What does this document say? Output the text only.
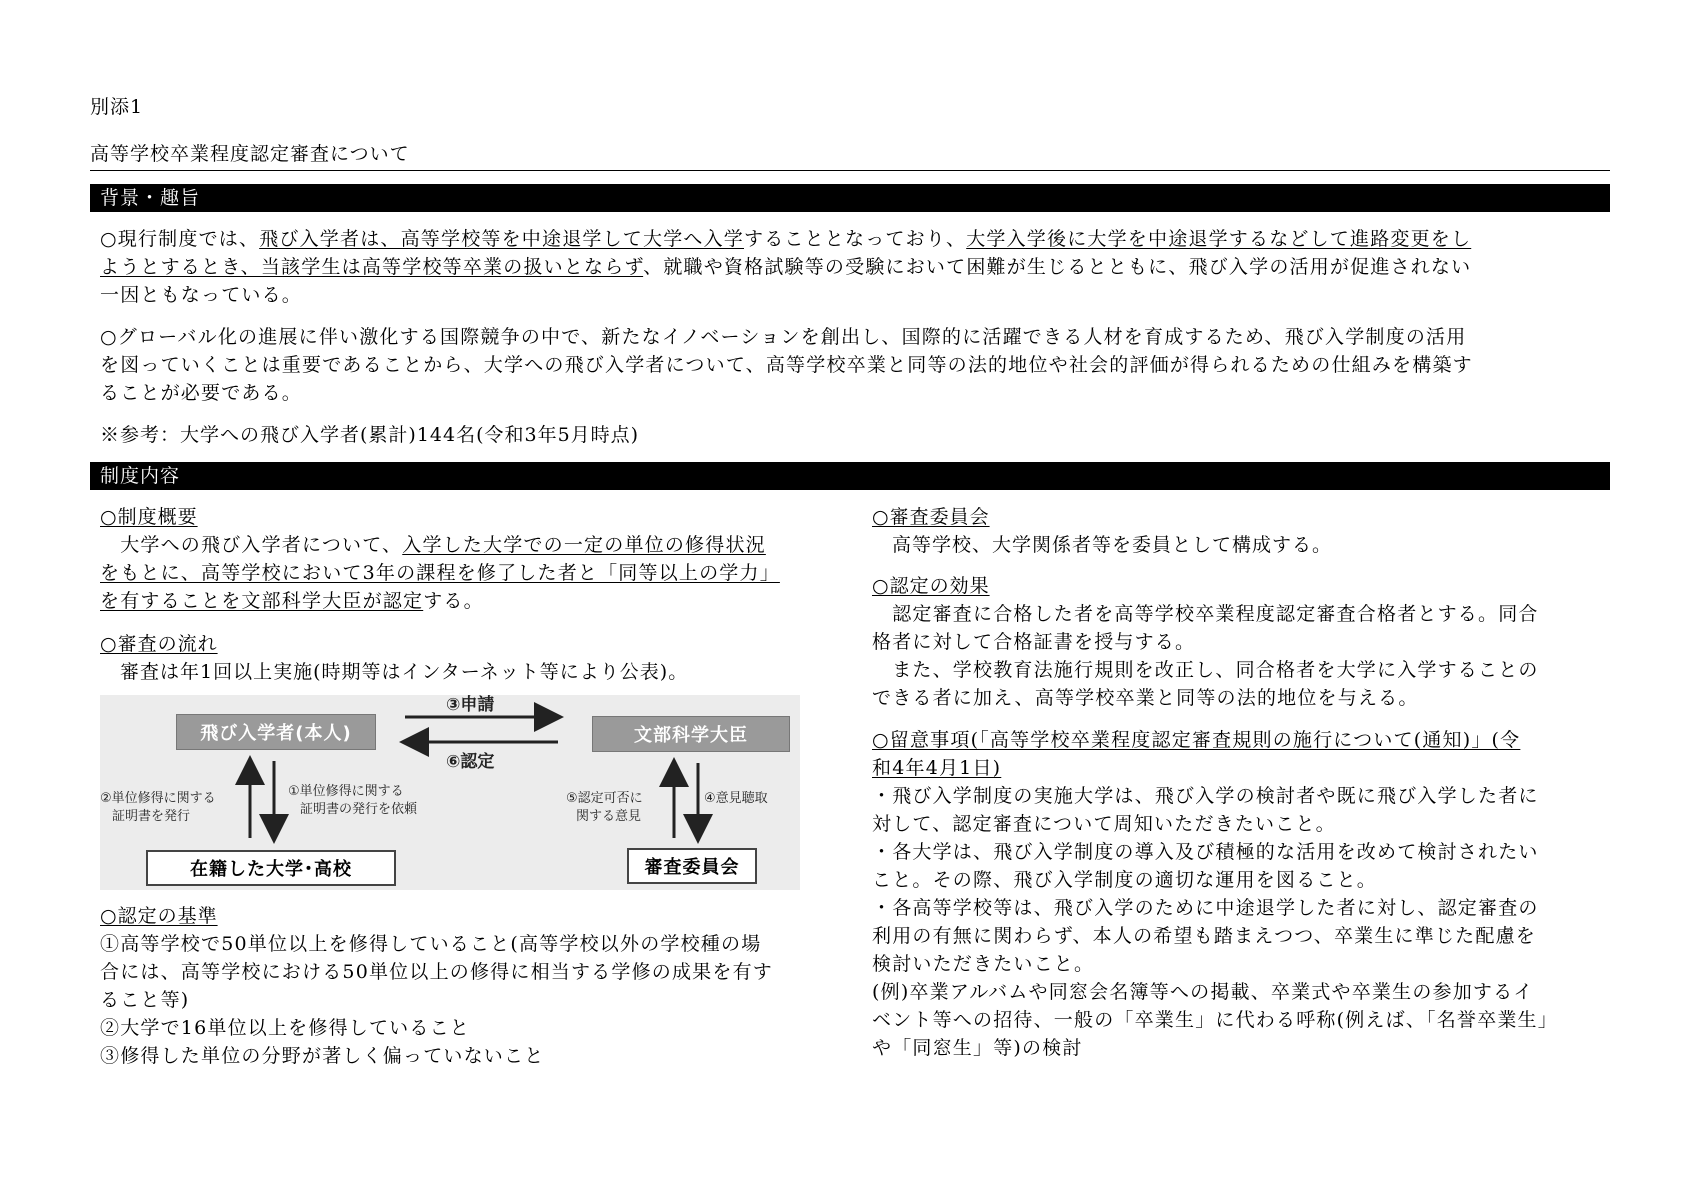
別添1
高等学校卒業程度認定審査について
背景・趣旨
○現行制度では、飛び入学者は、高等学校等を中途退学して大学へ入学することとなっており、大学入学後に大学を中途退学するなどして進路変更をし
ようとするとき、当該学生は高等学校等卒業の扱いとならず、就職や資格試験等の受験において困難が生じるとともに、飛び入学の活用が促進されない
一因ともなっている。
○グローバル化の進展に伴い激化する国際競争の中で、新たなイノベーションを創出し、国際的に活躍できる人材を育成するため、飛び入学制度の活用
を図っていくことは重要であることから、大学への飛び入学者について、高等学校卒業と同等の法的地位や社会的評価が得られるための仕組みを構築す
ることが必要である。
※参考：大学への飛び入学者(累計)144名(令和3年5月時点)
制度内容
○制度概要
　大学への飛び入学者について、入学した大学での一定の単位の修得状況
をもとに、高等学校において3年の課程を修了した者と「同等以上の学力」
を有することを文部科学大臣が認定する。
○審査の流れ
　審査は年1回以上実施(時期等はインターネット等により公表)。
飛び入学者(本人)	文部科学大臣
在籍した大学･高校	審査委員会
③申請
⑥認定
②単位修得に関する
証明書を発行
①単位修得に関する
証明書の発行を依頼
⑤認定可否に
関する意見
④意見聴取
○認定の基準
①高等学校で50単位以上を修得していること(高等学校以外の学校種の場
合には、高等学校における50単位以上の修得に相当する学修の成果を有す
ること等)
②大学で16単位以上を修得していること
③修得した単位の分野が著しく偏っていないこと
○審査委員会
　高等学校、大学関係者等を委員として構成する。
○認定の効果
　認定審査に合格した者を高等学校卒業程度認定審査合格者とする。同合
格者に対して合格証書を授与する。
　また、学校教育法施行規則を改正し、同合格者を大学に入学することの
できる者に加え、高等学校卒業と同等の法的地位を与える。
○留意事項(「高等学校卒業程度認定審査規則の施行について(通知)」(令
和4年4月1日)
・飛び入学制度の実施大学は、飛び入学の検討者や既に飛び入学した者に
対して、認定審査について周知いただきたいこと。
・各大学は、飛び入学制度の導入及び積極的な活用を改めて検討されたい
こと。その際、飛び入学制度の適切な運用を図ること。
・各高等学校等は、飛び入学のために中途退学した者に対し、認定審査の
利用の有無に関わらず、本人の希望も踏まえつつ、卒業生に準じた配慮を
検討いただきたいこと。
(例)卒業アルバムや同窓会名簿等への掲載、卒業式や卒業生の参加するイ
ベント等への招待、一般の「卒業生」に代わる呼称(例えば、「名誉卒業生」
や「同窓生」等)の検討
